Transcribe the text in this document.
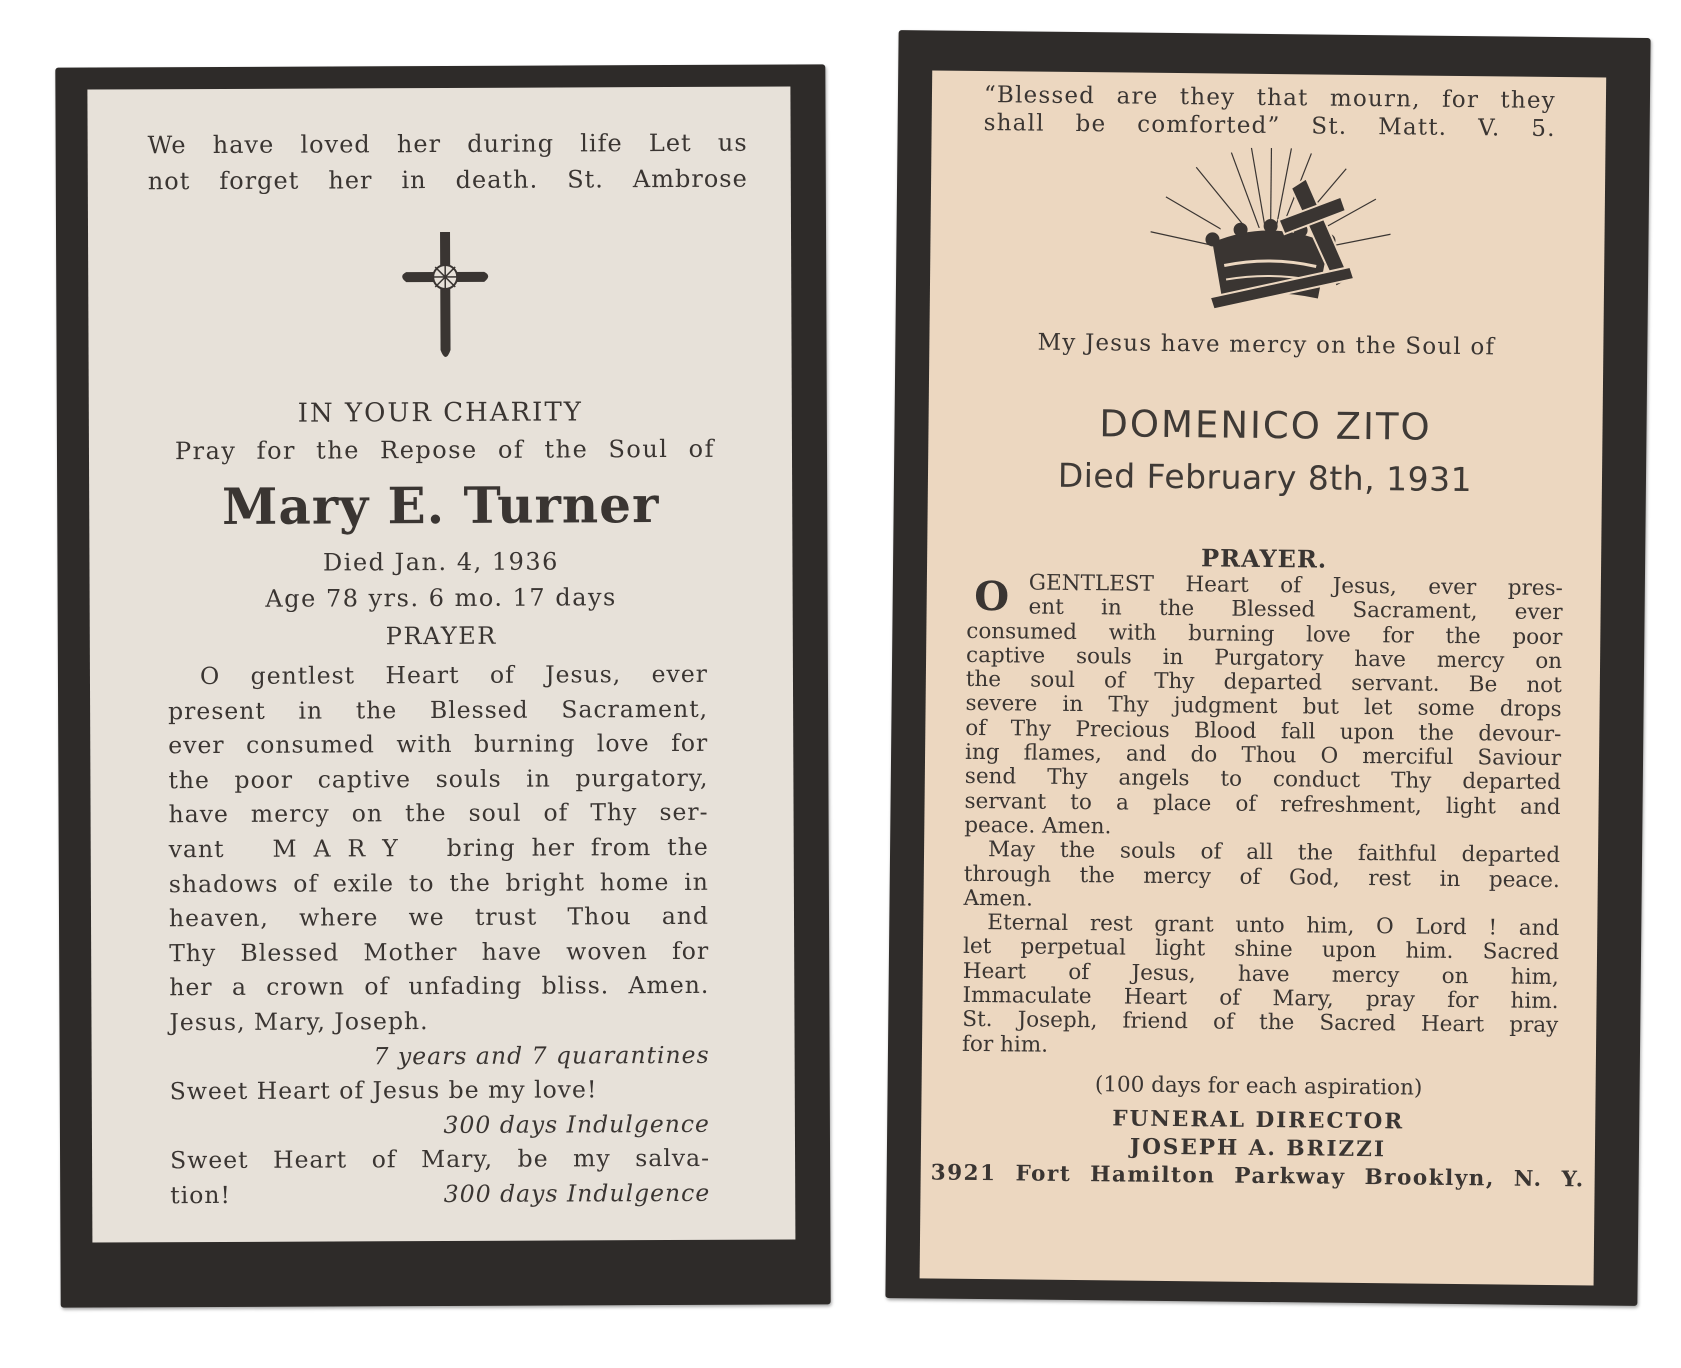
We have loved her during life Let us
not forget her in death. St. Ambrose
IN YOUR CHARITY
Pray for the Repose of the Soul of
Mary E. Turner
Died Jan. 4, 1936
Age 78 yrs. 6 mo. 17 days
PRAYER
O gentlest Heart of Jesus, ever
present in the Blessed Sacrament,
ever consumed with burning love for
the poor captive souls in purgatory,
have mercy on the soul of Thy ser-
vant   M A R Y   bring her from the
shadows of exile to the bright home in
heaven, where we trust Thou and
Thy Blessed Mother have woven for
her a crown of unfading bliss. Amen.
Jesus, Mary, Joseph.
7 years and 7 quarantines
Sweet Heart of Jesus be my love!
300 days Indulgence
Sweet Heart of Mary, be my salva-
tion!	300 days Indulgence
“Blessed are they that mourn, for they
shall be comforted” St. Matt. V. 5.
My Jesus have mercy on the Soul of
DOMENICO ZITO
Died February 8th, 1931
PRAYER.
O GENTLEST Heart of Jesus, ever pres-
ent in the Blessed Sacrament, ever
consumed with burning love for the poor
captive souls in Purgatory have mercy on
the soul of Thy departed servant. Be not
severe in Thy judgment but let some drops
of Thy Precious Blood fall upon the devour-
ing flames, and do Thou O merciful Saviour
send Thy angels to conduct Thy departed
servant to a place of refreshment, light and
peace. Amen.
May the souls of all the faithful departed
through the mercy of God, rest in peace.
Amen.
Eternal rest grant unto him, O Lord ! and
let perpetual light shine upon him. Sacred
Heart of Jesus, have mercy on him,
Immaculate Heart of Mary, pray for him.
St. Joseph, friend of the Sacred Heart pray
for him.
(100 days for each aspiration)
FUNERAL DIRECTOR
JOSEPH A. BRIZZI
3921 Fort Hamilton Parkway Brooklyn, N. Y.
